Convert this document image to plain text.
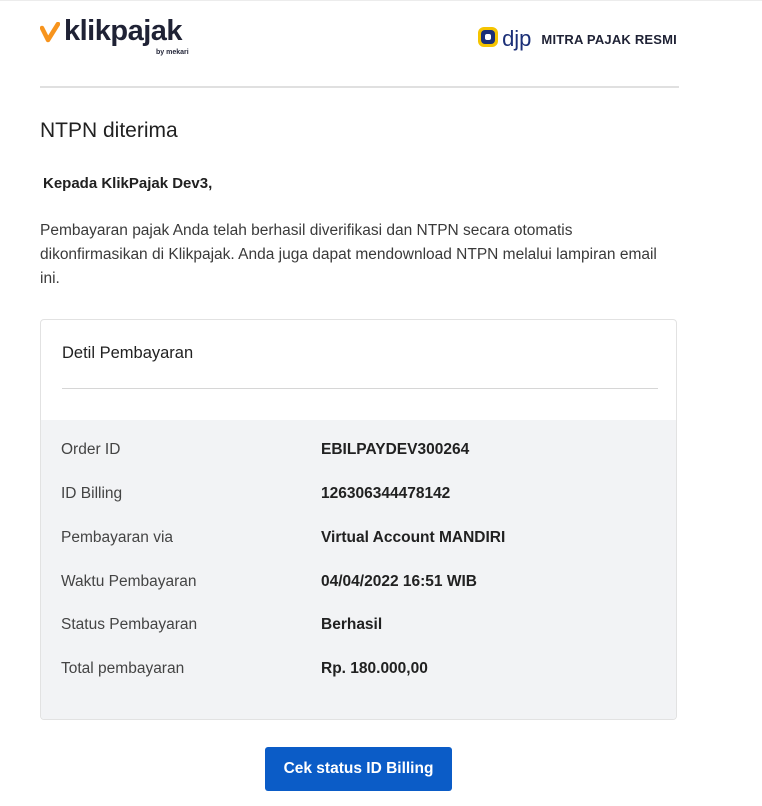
klikpajak
by mekari
djp MITRA PAJAK RESMI
NTPN diterima
Kepada KlikPajak Dev3,
Pembayaran pajak Anda telah berhasil diverifikasi dan NTPN secara otomatis dikonfirmasikan di Klikpajak. Anda juga dapat mendownload NTPN melalui lampiran email ini.
Detil Pembayaran
Order ID	EBILPAYDEV300264
ID Billing	126306344478142
Pembayaran via	Virtual Account MANDIRI
Waktu Pembayaran	04/04/2022 16:51 WIB
Status Pembayaran	Berhasil
Total pembayaran	Rp. 180.000,00
Cek status ID Billing
